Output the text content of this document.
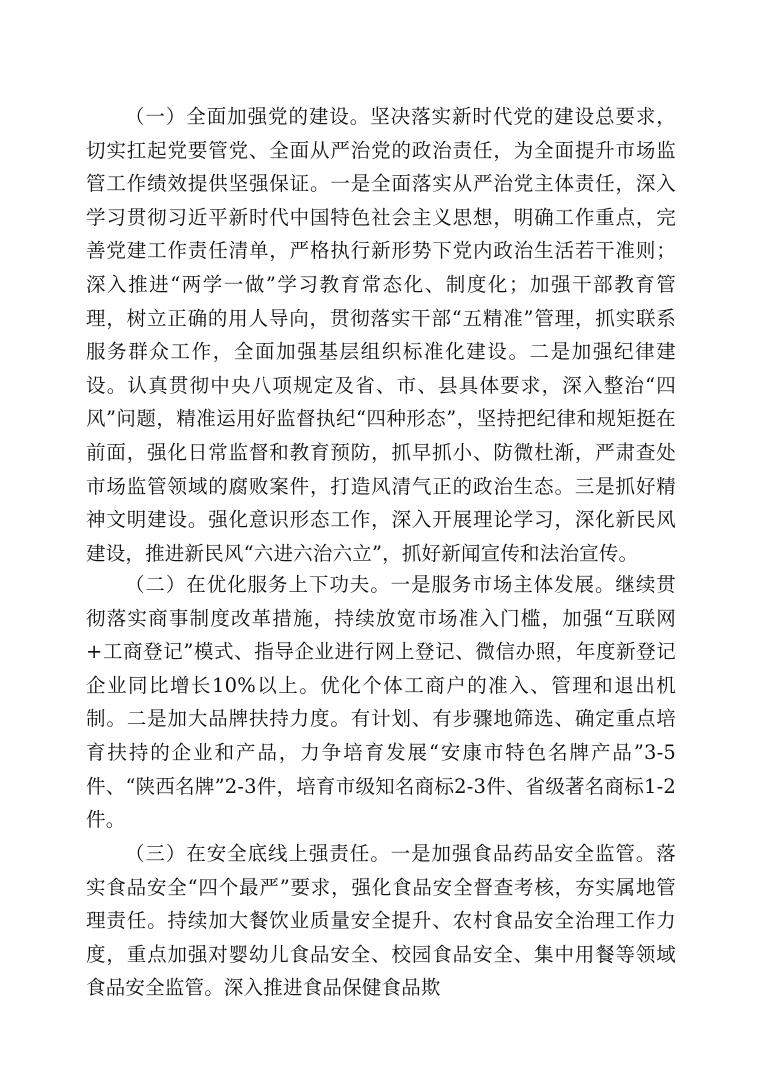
（一）全面加强党的建设。坚决落实新时代党的建设总要求，切实扛起党要管党、全面从严治党的政治责任，为全面提升市场监管工作绩效提供坚强保证。一是全面落实从严治党主体责任，深入学习贯彻习近平新时代中国特色社会主义思想，明确工作重点，完善党建工作责任清单，严格执行新形势下党内政治生活若干准则；深入推进“两学一做”学习教育常态化、制度化；加强干部教育管理，树立正确的用人导向，贯彻落实干部“五精准”管理，抓实联系服务群众工作，全面加强基层组织标准化建设。二是加强纪律建设。认真贯彻中央八项规定及省、市、县具体要求，深入整治“四风”问题，精准运用好监督执纪“四种形态”，坚持把纪律和规矩挺在前面，强化日常监督和教育预防，抓早抓小、防微杜渐，严肃查处市场监管领域的腐败案件，打造风清气正的政治生态。三是抓好精神文明建设。强化意识形态工作，深入开展理论学习，深化新民风建设，推进新民风“六进六治六立”，抓好新闻宣传和法治宣传。

（二）在优化服务上下功夫。一是服务市场主体发展。继续贯彻落实商事制度改革措施，持续放宽市场准入门槛，加强“互联网+工商登记”模式、指导企业进行网上登记、微信办照，年度新登记企业同比增长10%以上。优化个体工商户的准入、管理和退出机制。二是加大品牌扶持力度。有计划、有步骤地筛选、确定重点培育扶持的企业和产品，力争培育发展“安康市特色名牌产品”3-5件、“陕西名牌”2-3件，培育市级知名商标2-3件、省级著名商标1-2件。

（三）在安全底线上强责任。一是加强食品药品安全监管。落实食品安全“四个最严”要求，强化食品安全督查考核，夯实属地管理责任。持续加大餐饮业质量安全提升、农村食品安全治理工作力度，重点加强对婴幼儿食品安全、校园食品安全、集中用餐等领域食品安全监管。深入推进食品保健食品欺
